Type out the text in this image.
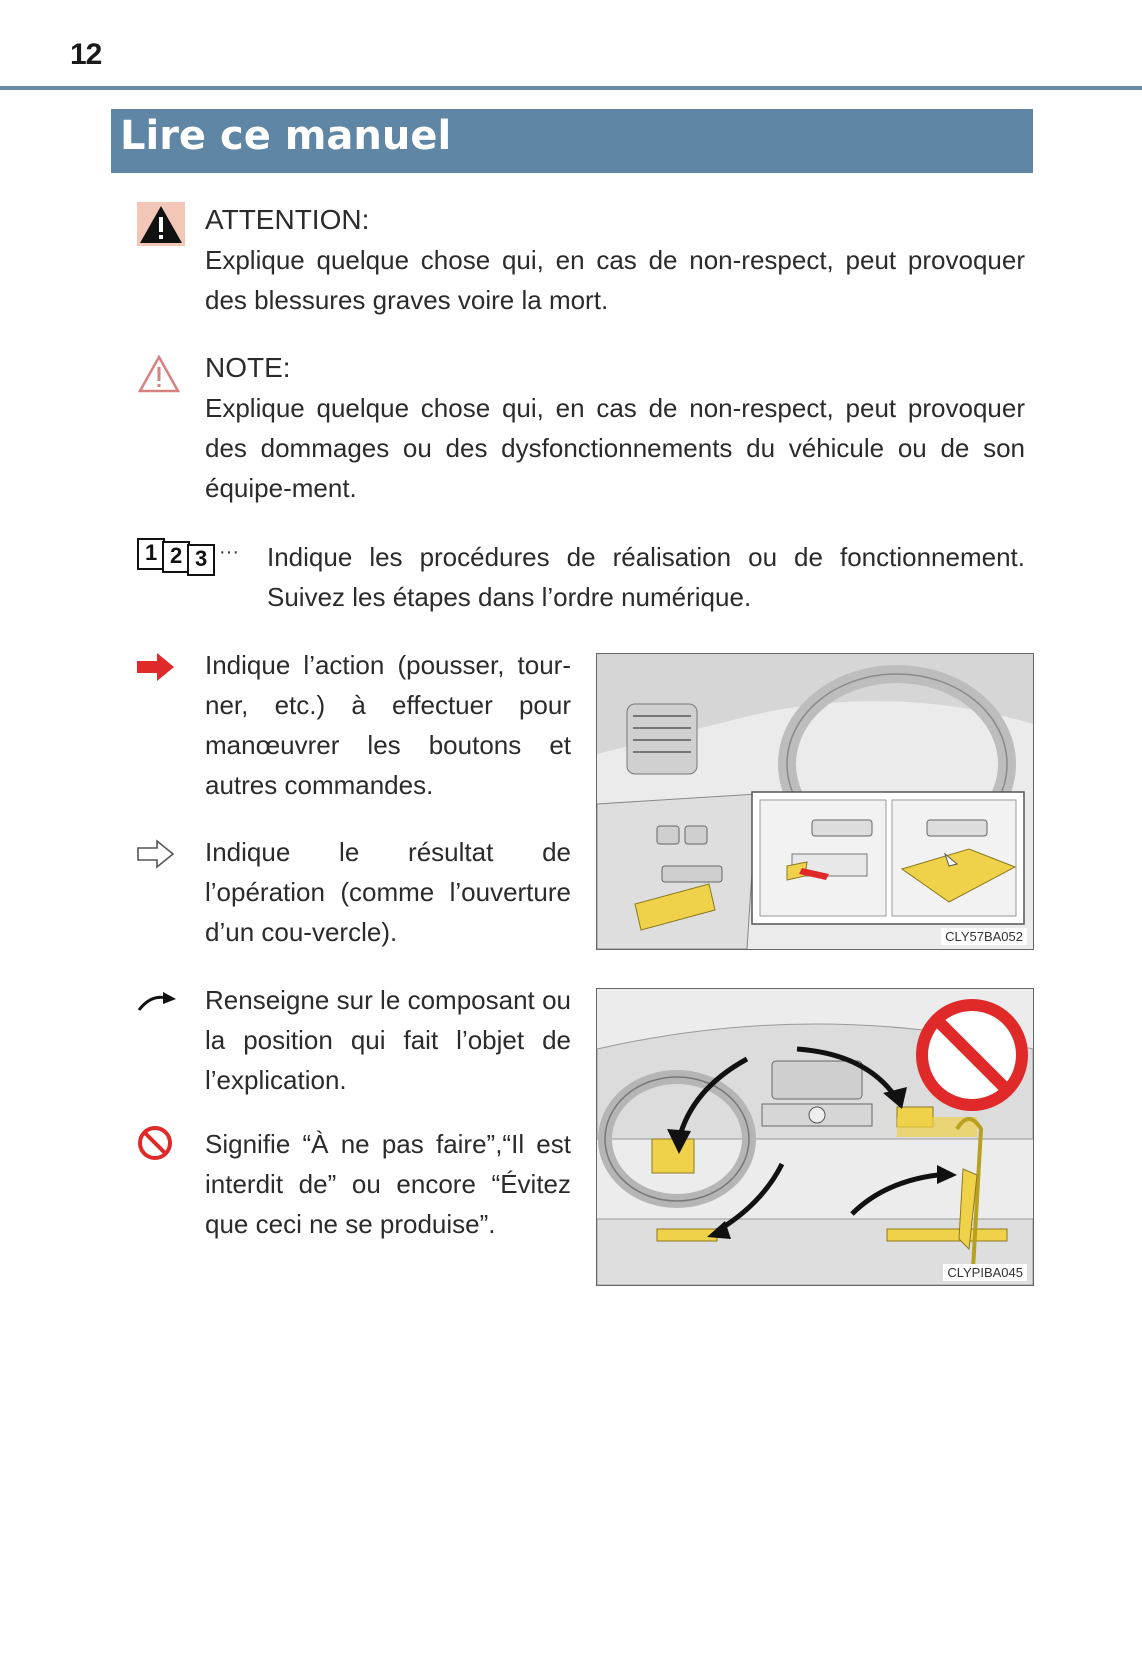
12
Lire ce manuel

ATTENTION:

Explique quelque chose qui, en cas de non-respect, peut provoquer des blessures graves voire la mort.

NOTE:

Explique quelque chose qui, en cas de non-respect, peut provoquer des dommages ou des dysfonctionnements du véhicule ou de son équipe-ment.

1 2 3 ··· Indique les procédures de réalisation ou de fonctionnement. Suivez les étapes dans l’ordre numérique.

Indique l’action (pousser, tour-ner, etc.) à effectuer pour manœuvrer les boutons et autres commandes.

Indique le résultat de l’opération (comme l’ouverture d’un cou-vercle).	CLY57BA052

Renseigne sur le composant ou la position qui fait l’objet de l’explication.

Signifie “À ne pas faire”,“Il est interdit de” ou encore “Évitez que ceci ne se produise”.

CLYPIBA045
